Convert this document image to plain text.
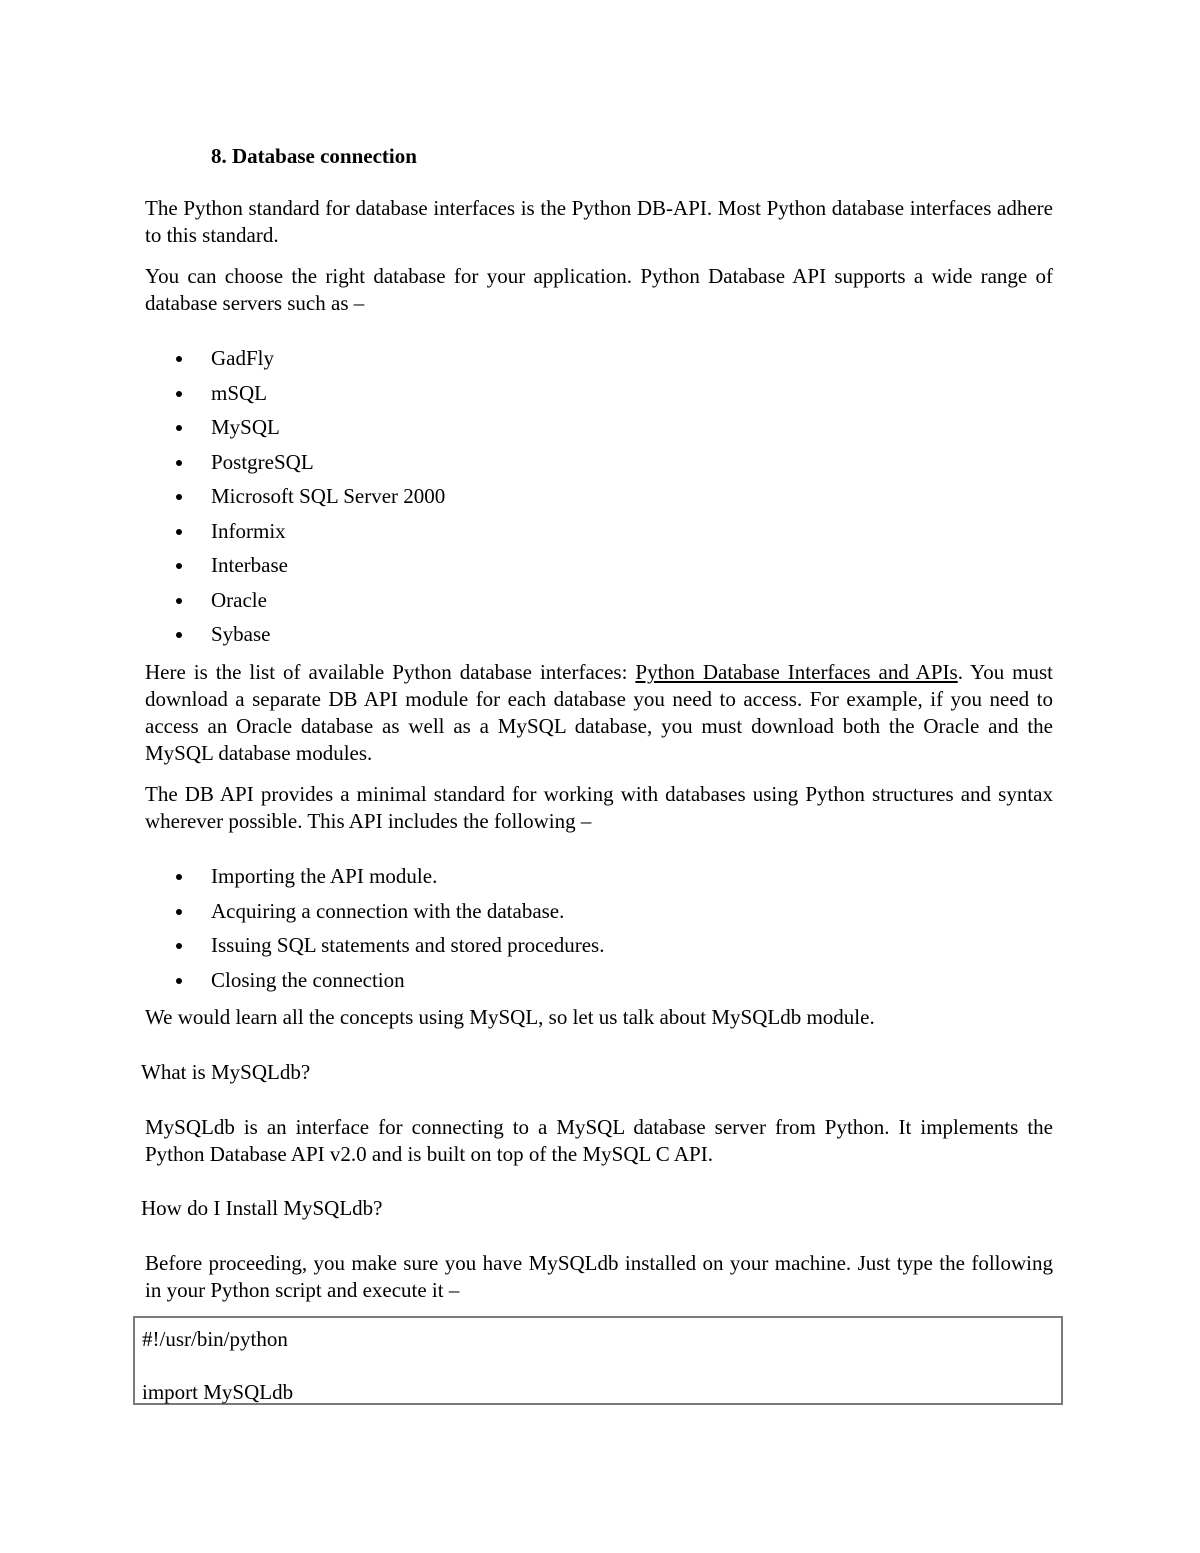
8. Database connection
The Python standard for database interfaces is the Python DB-API. Most Python database interfaces adhere to this standard.
You can choose the right database for your application. Python Database API supports a wide range of database servers such as –
GadFly
mSQL
MySQL
PostgreSQL
Microsoft SQL Server 2000
Informix
Interbase
Oracle
Sybase
Here is the list of available Python database interfaces: Python Database Interfaces and APIs. You must download a separate DB API module for each database you need to access. For example, if you need to access an Oracle database as well as a MySQL database, you must download both the Oracle and the MySQL database modules.
The DB API provides a minimal standard for working with databases using Python structures and syntax wherever possible. This API includes the following –
Importing the API module.
Acquiring a connection with the database.
Issuing SQL statements and stored procedures.
Closing the connection
We would learn all the concepts using MySQL, so let us talk about MySQLdb module.
What is MySQLdb?
MySQLdb is an interface for connecting to a MySQL database server from Python. It implements the Python Database API v2.0 and is built on top of the MySQL C API.
How do I Install MySQLdb?
Before proceeding, you make sure you have MySQLdb installed on your machine. Just type the following in your Python script and execute it –
#!/usr/bin/python
import MySQLdb
